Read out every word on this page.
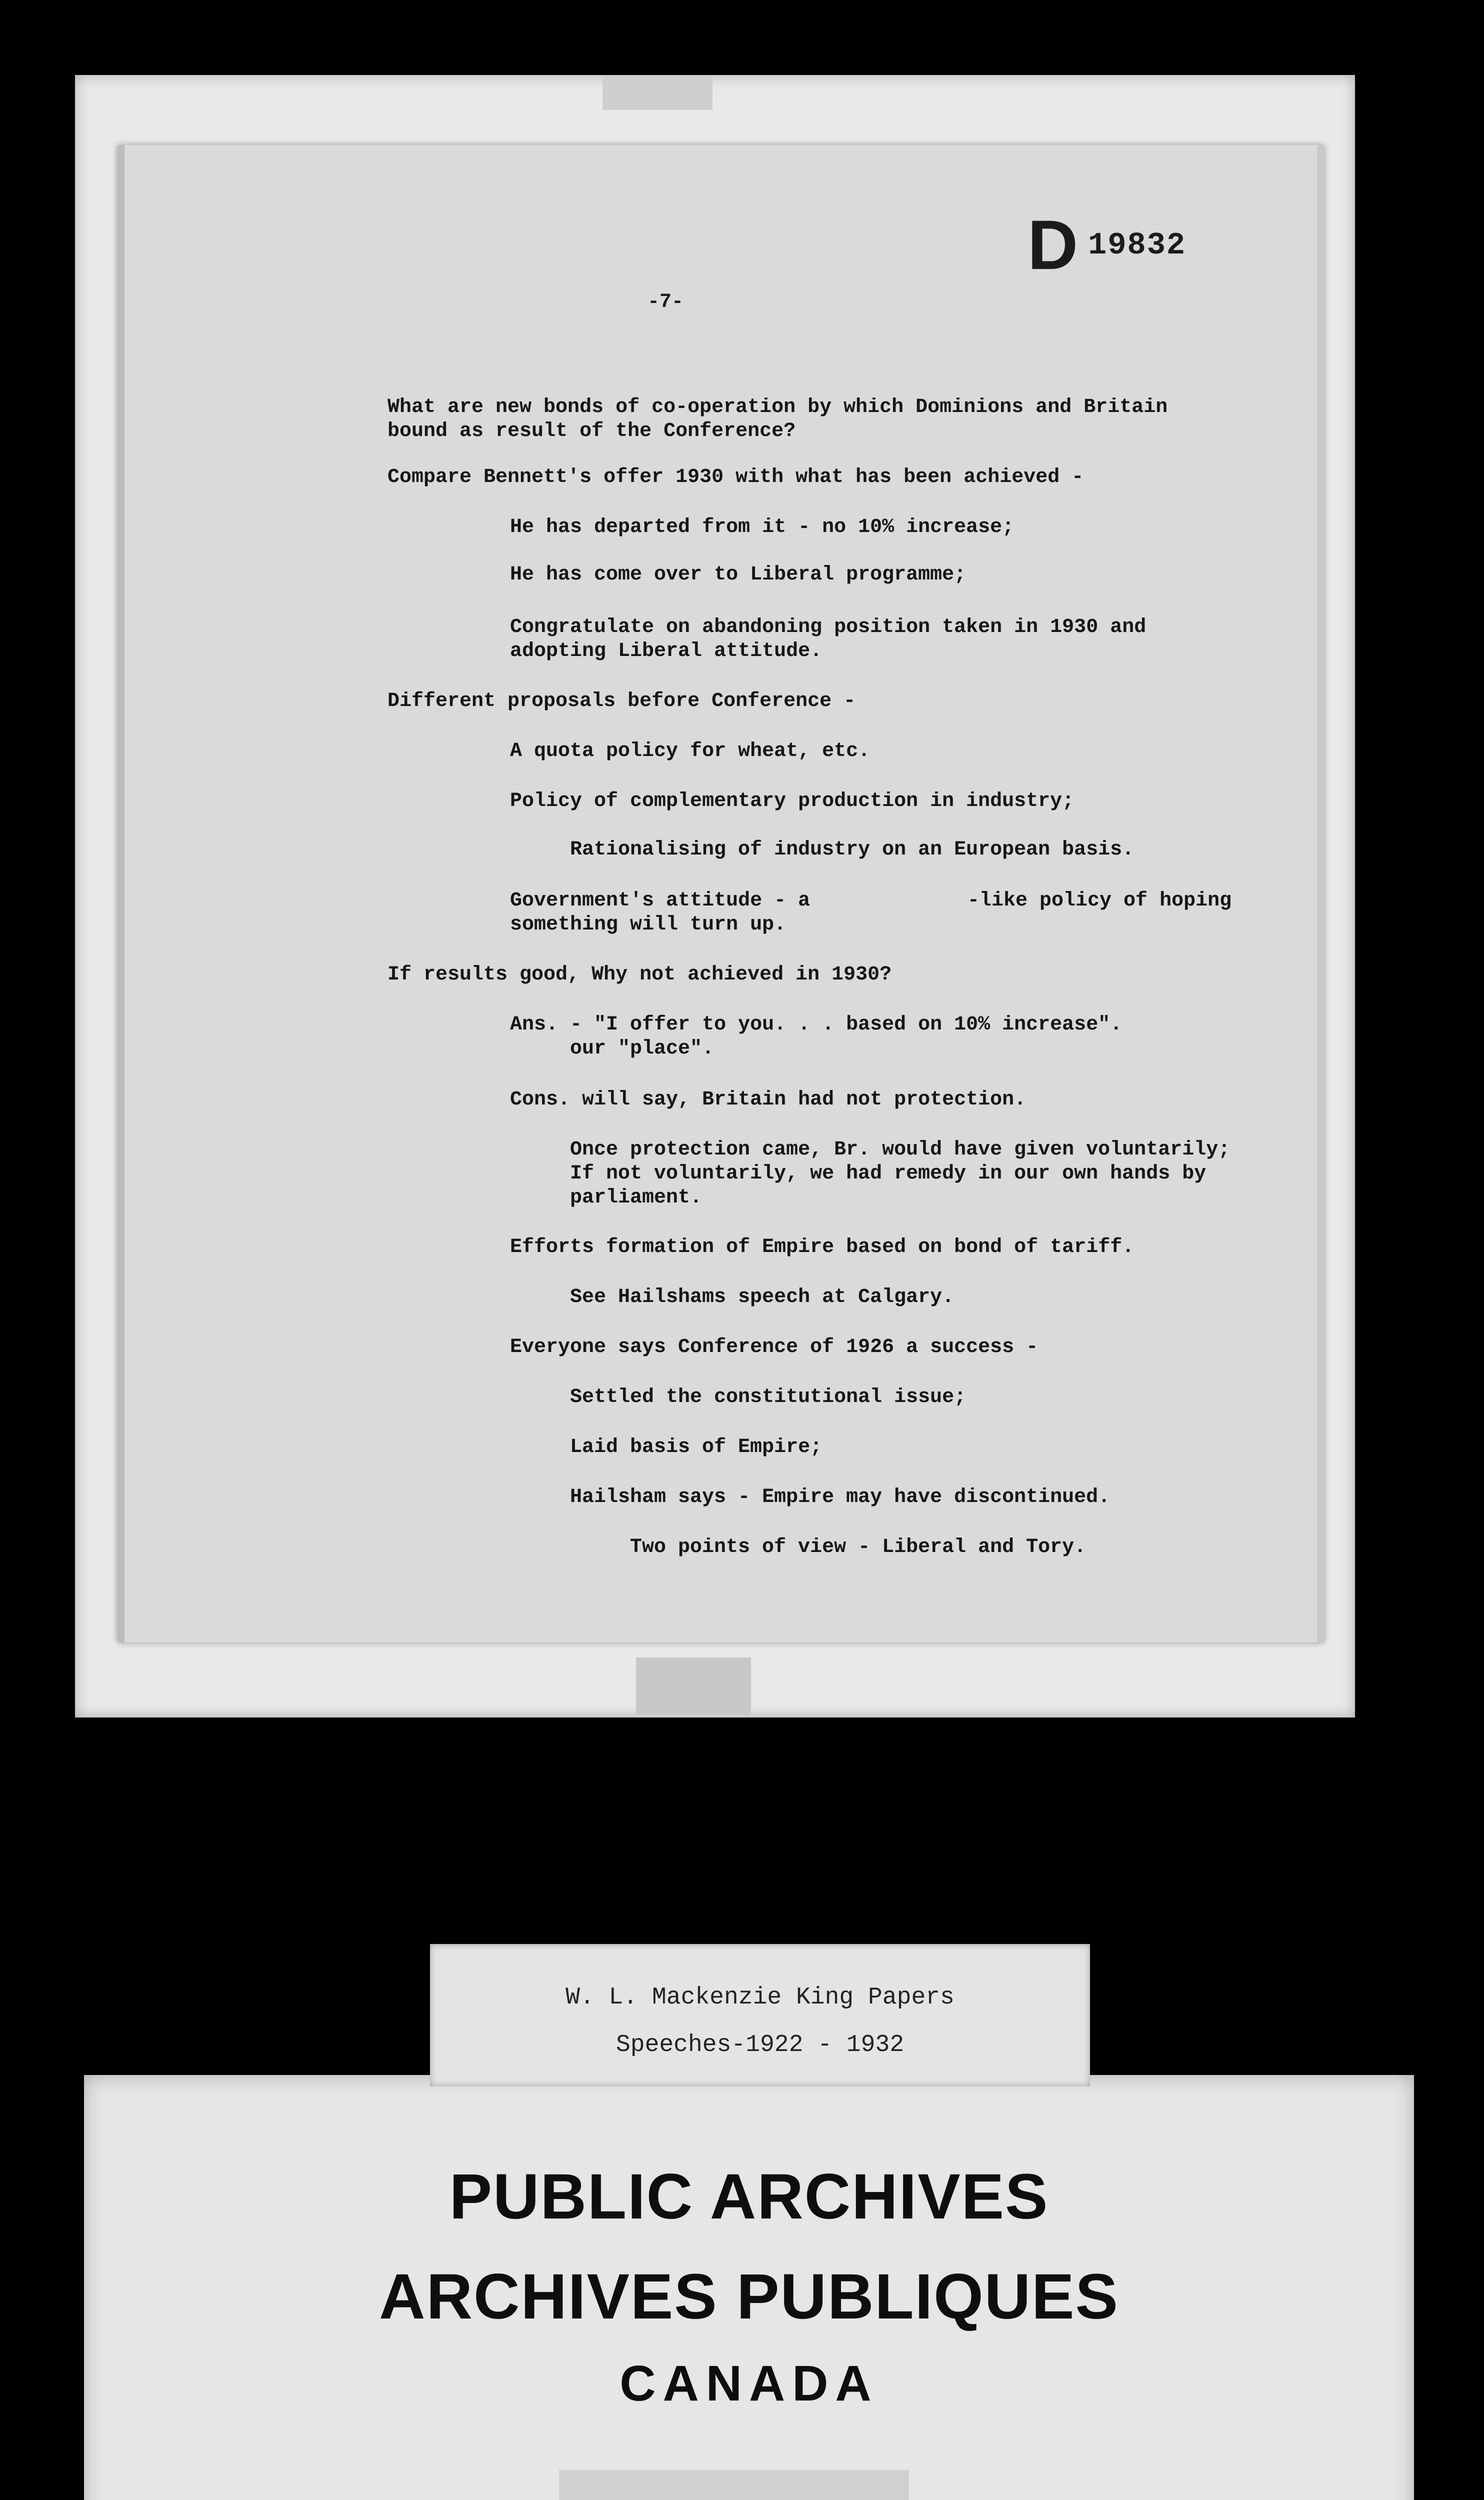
D 19832
-7-
What are new bonds of co-operation by which Dominions and Britain
bound as result of the Conference?
Compare Bennett's offer 1930 with what has been achieved -
He has departed from it - no 10% increase;
He has come over to Liberal programme;
Congratulate on abandoning position taken in 1930 and
adopting Liberal attitude.
Different proposals before Conference -
A quota policy for wheat, etc.
Policy of complementary production in industry;
Rationalising of industry on an European basis.
Government's attitude - a	-like policy of hoping
something will turn up.
If results good, Why not achieved in 1930?
Ans. - "I offer to you. . . based on 10% increase".
our "place".
Cons. will say, Britain had not protection.
Once protection came, Br. would have given voluntarily;
If not voluntarily, we had remedy in our own hands by
parliament.
Efforts formation of Empire based on bond of tariff.
See Hailshams speech at Calgary.
Everyone says Conference of 1926 a success -
Settled the constitutional issue;
Laid basis of Empire;
Hailsham says - Empire may have discontinued.
Two points of view - Liberal and Tory.
PUBLIC ARCHIVES
ARCHIVES PUBLIQUES
CANADA
W. L. Mackenzie King Papers
Speeches-1922 - 1932
